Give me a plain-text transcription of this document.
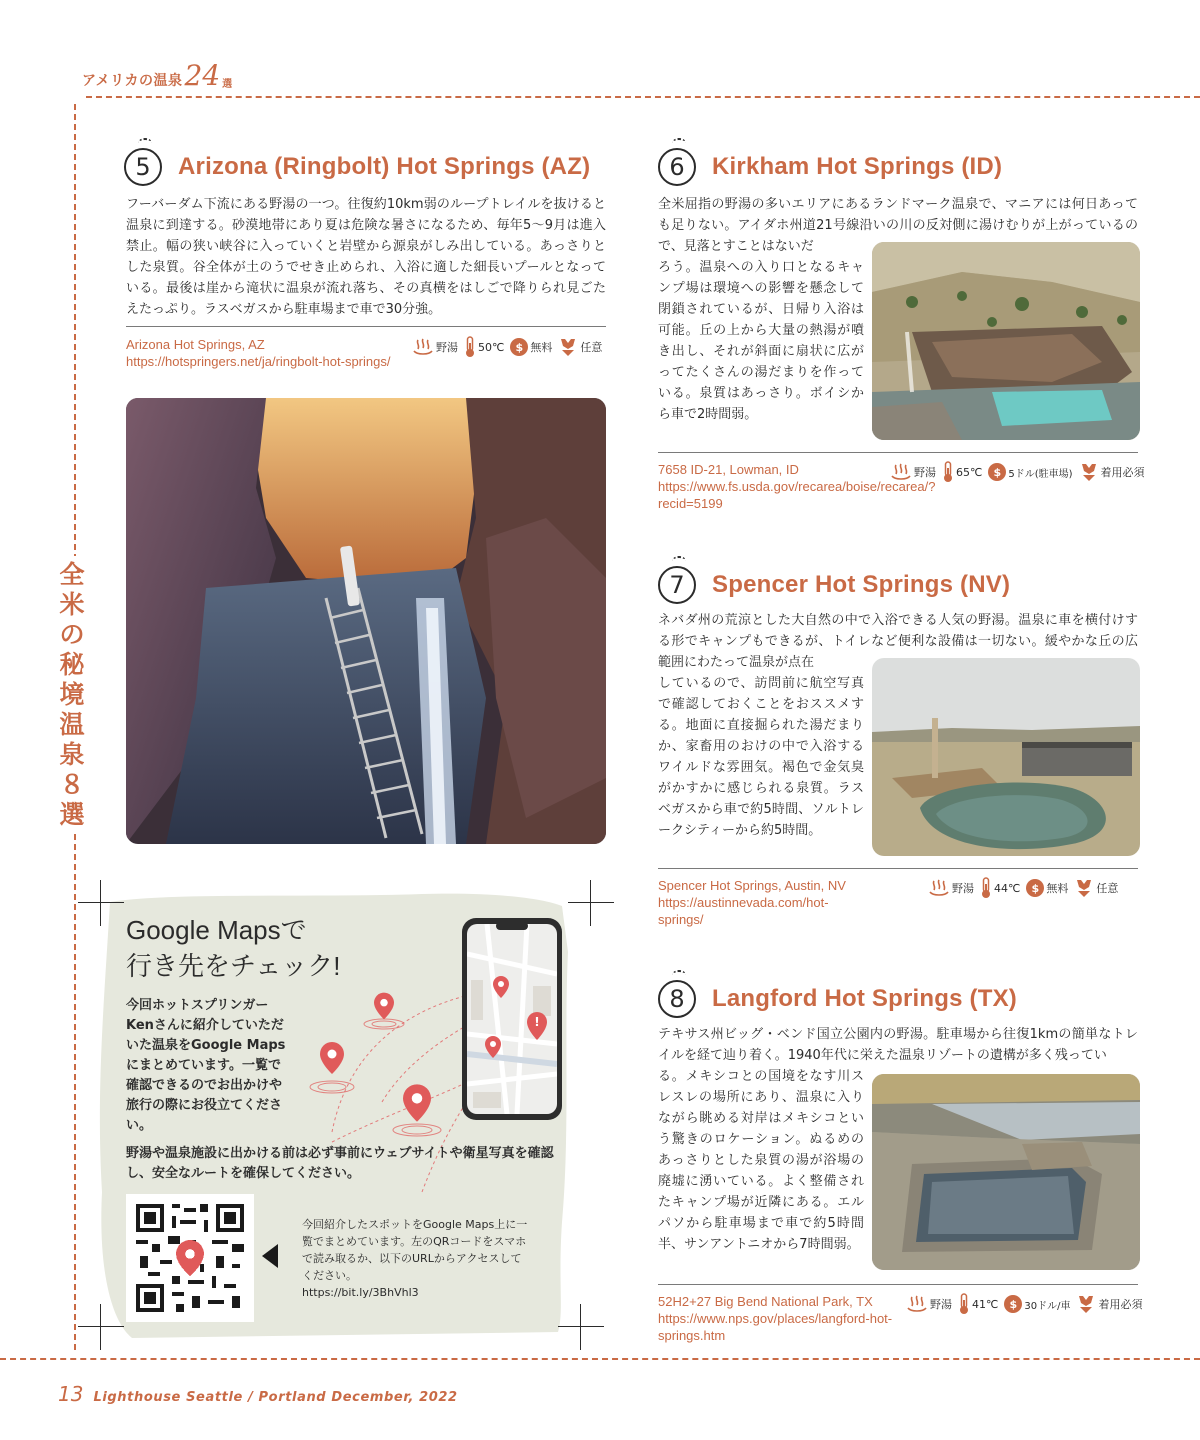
アメリカの温泉 24 選
全
米
の
秘
境
温
泉
８
選
5	Arizona (Ringbolt) Hot Springs (AZ)
フーバーダム下流にある野湯の一つ。往復約10km弱のループトレイルを抜けると温泉に到達する。砂漠地帯にあり夏は危険な暑さになるため、毎年5〜9月は進入禁止。幅の狭い峡谷に入っていくと岩壁から源泉がしみ出している。あっさりとした泉質。谷全体が土のうでせき止められ、入浴に適した細長いプールとなっている。最後は崖から滝状に温泉が流れ落ち、その真横をはしごで降りられ見ごたえたっぷり。ラスベガスから駐車場まで車で30分強。
Arizona Hot Springs, AZ
https://hotspringers.net/ja/ringbolt-hot-springs/
野湯 50℃	$ 無料	任意
6	Kirkham Hot Springs (ID)
全米屈指の野湯の多いエリアにあるランドマーク温泉で、マニアには何日あっても足りない。アイダホ州道21号線沿いの川の反対側に湯けむりが上がっているので、見落とすことはないだ
ろう。温泉への入り口となるキャンプ場は環境への影響を懸念して閉鎖されているが、日帰り入浴は可能。丘の上から大量の熱湯が噴き出し、それが斜面に扇状に広がってたくさんの湯だまりを作っている。泉質はあっさり。ボイシから車で2時間弱。
7658 ID-21, Lowman, ID
https://www.fs.usda.gov/recarea/boise/recarea/?recid=5199
野湯 65℃	$ 5ドル(駐車場)	着用必須
7	Spencer Hot Springs (NV)
ネバダ州の荒涼とした大自然の中で入浴できる人気の野湯。温泉に車を横付けする形でキャンプもできるが、トイレなど便利な設備は一切ない。緩やかな丘の広範囲にわたって温泉が点在
しているので、訪問前に航空写真で確認しておくことをおススメする。地面に直接掘られた湯だまりか、家畜用のおけの中で入浴するワイルドな雰囲気。褐色で金気臭がかすかに感じられる泉質。ラスベガスから車で約5時間、ソルトレークシティーから約5時間。
Spencer Hot Springs, Austin, NV
https://austinnevada.com/hot-springs/
野湯 44℃	$ 無料	任意
8	Langford Hot Springs (TX)
テキサス州ビッグ・ベンド国立公園内の野湯。駐車場から往復1kmの簡単なトレイルを経て辿り着く。1940年代に栄えた温泉リゾートの遺構が多く残ってい
る。メキシコとの国境をなす川スレスレの場所にあり、温泉に入りながら眺める対岸はメキシコという驚きのロケーション。ぬるめのあっさりとした泉質の湯が浴場の廃墟に湧いている。よく整備されたキャンプ場が近隣にある。エルパソから駐車場まで車で約5時間半、サンアントニオから7時間弱。
52H2+27 Big Bend National Park, TX
https://www.nps.gov/places/langford-hot-springs.htm
野湯 41℃	$ 30ドル/車	着用必須
!
Google Mapsで
行き先をチェック!
今回ホットスプリンガーKenさんに紹介していただいた温泉をGoogle Mapsにまとめています。一覧で確認できるのでお出かけや旅行の際にお役立てください。
野湯や温泉施設に出かける前は必ず事前にウェブサイトや衛星写真を確認し、安全なルートを確保してください。
今回紹介したスポットをGoogle Maps上に一覧でまとめています。左のQRコードをスマホで読み取るか、以下のURLからアクセスしてください。
https://bit.ly/3BhVhl3
13 Lighthouse Seattle / Portland December, 2022
